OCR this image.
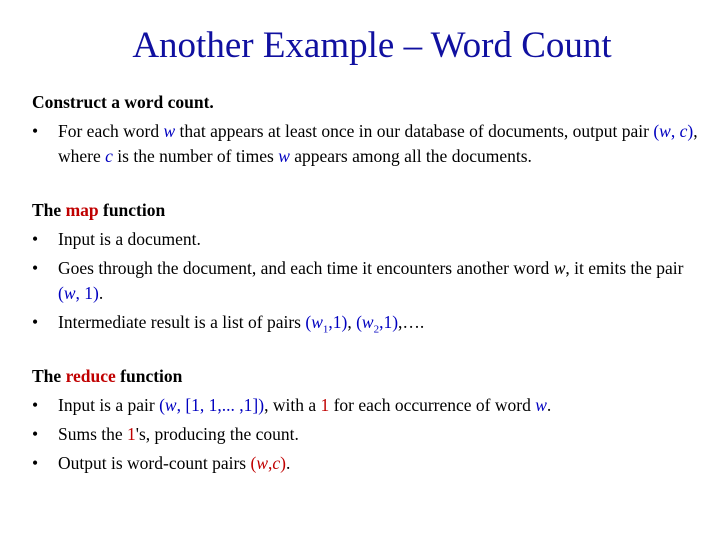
Another Example – Word Count

Construct a word count.

•	For each word w that appears at least once in our database of documents, output pair (w, c), where c is the number of times w appears among all the documents.

The map function

•	Input is a document.

•	Goes through the document, and each time it encounters another word w, it emits the pair (w, 1).

•	Intermediate result is a list of pairs $(w_1,1)$, $(w_2,1),\dots$.

The reduce function

•	Input is a pair (w, [1, 1,... ,1]), with a 1 for each occurrence of word w.

•	Sums the 1's, producing the count.

•	Output is word-count pairs (w,c).
